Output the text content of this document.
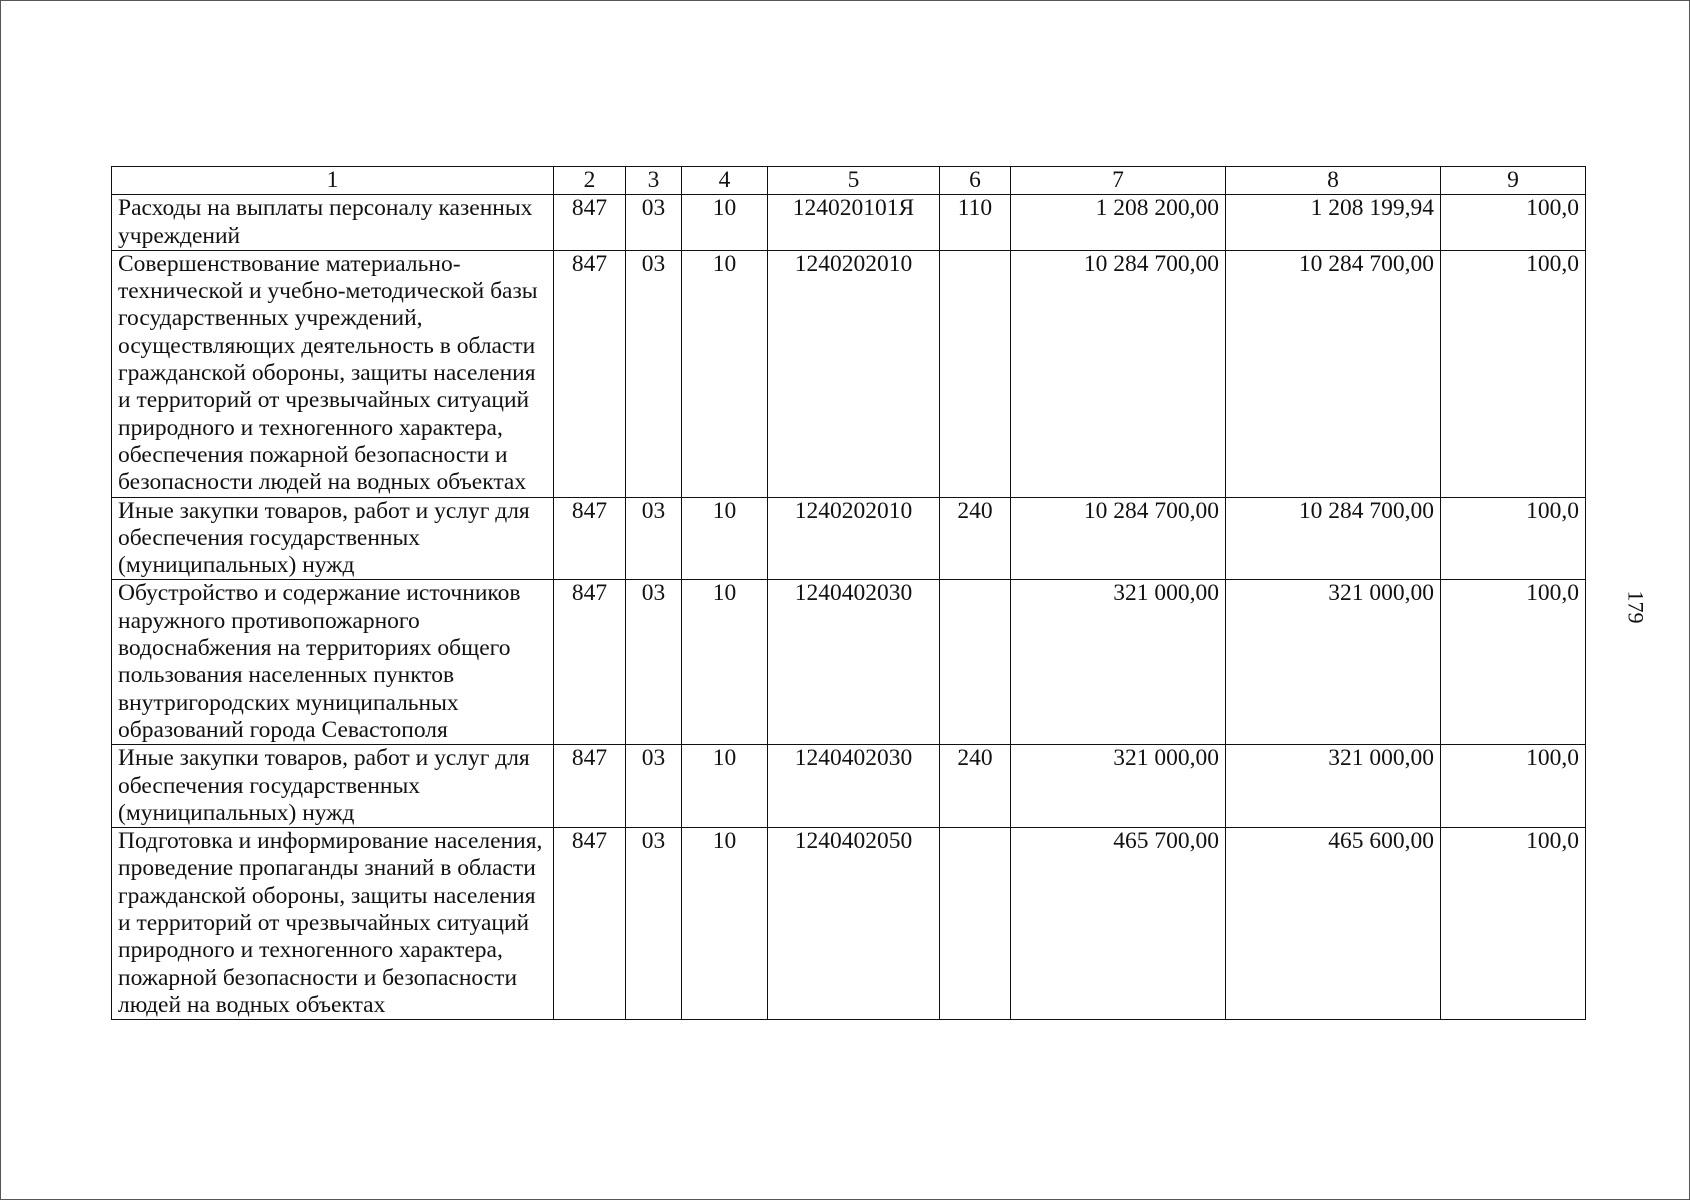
1	2	3	4	5	6	7	8	9
Расходы на выплаты персоналу казенных учреждений	847	03	10	124020101Я	110	1 208 200,00	1 208 199,94	100,0
Совершенствование материально-технической и учебно-методической базы государственных учреждений, осуществляющих деятельность в области гражданской обороны, защиты населения и территорий от чрезвычайных ситуаций природного и техногенного характера, обеспечения пожарной безопасности и безопасности людей на водных объектах	847	03	10	1240202010		10 284 700,00	10 284 700,00	100,0
Иные закупки товаров, работ и услуг для обеспечения государственных (муниципальных) нужд	847	03	10	1240202010	240	10 284 700,00	10 284 700,00	100,0
Обустройство и содержание источников наружного противопожарного водоснабжения на территориях общего пользования населенных пунктов внутригородских муниципальных образований города Севастополя	847	03	10	1240402030		321 000,00	321 000,00	100,0
Иные закупки товаров, работ и услуг для обеспечения государственных (муниципальных) нужд	847	03	10	1240402030	240	321 000,00	321 000,00	100,0
Подготовка и информирование населения, проведение пропаганды знаний в области гражданской обороны, защиты населения и территорий от чрезвычайных ситуаций природного и техногенного характера, пожарной безопасности и безопасности людей на водных объектах	847	03	10	1240402050		465 700,00	465 600,00	100,0
179
